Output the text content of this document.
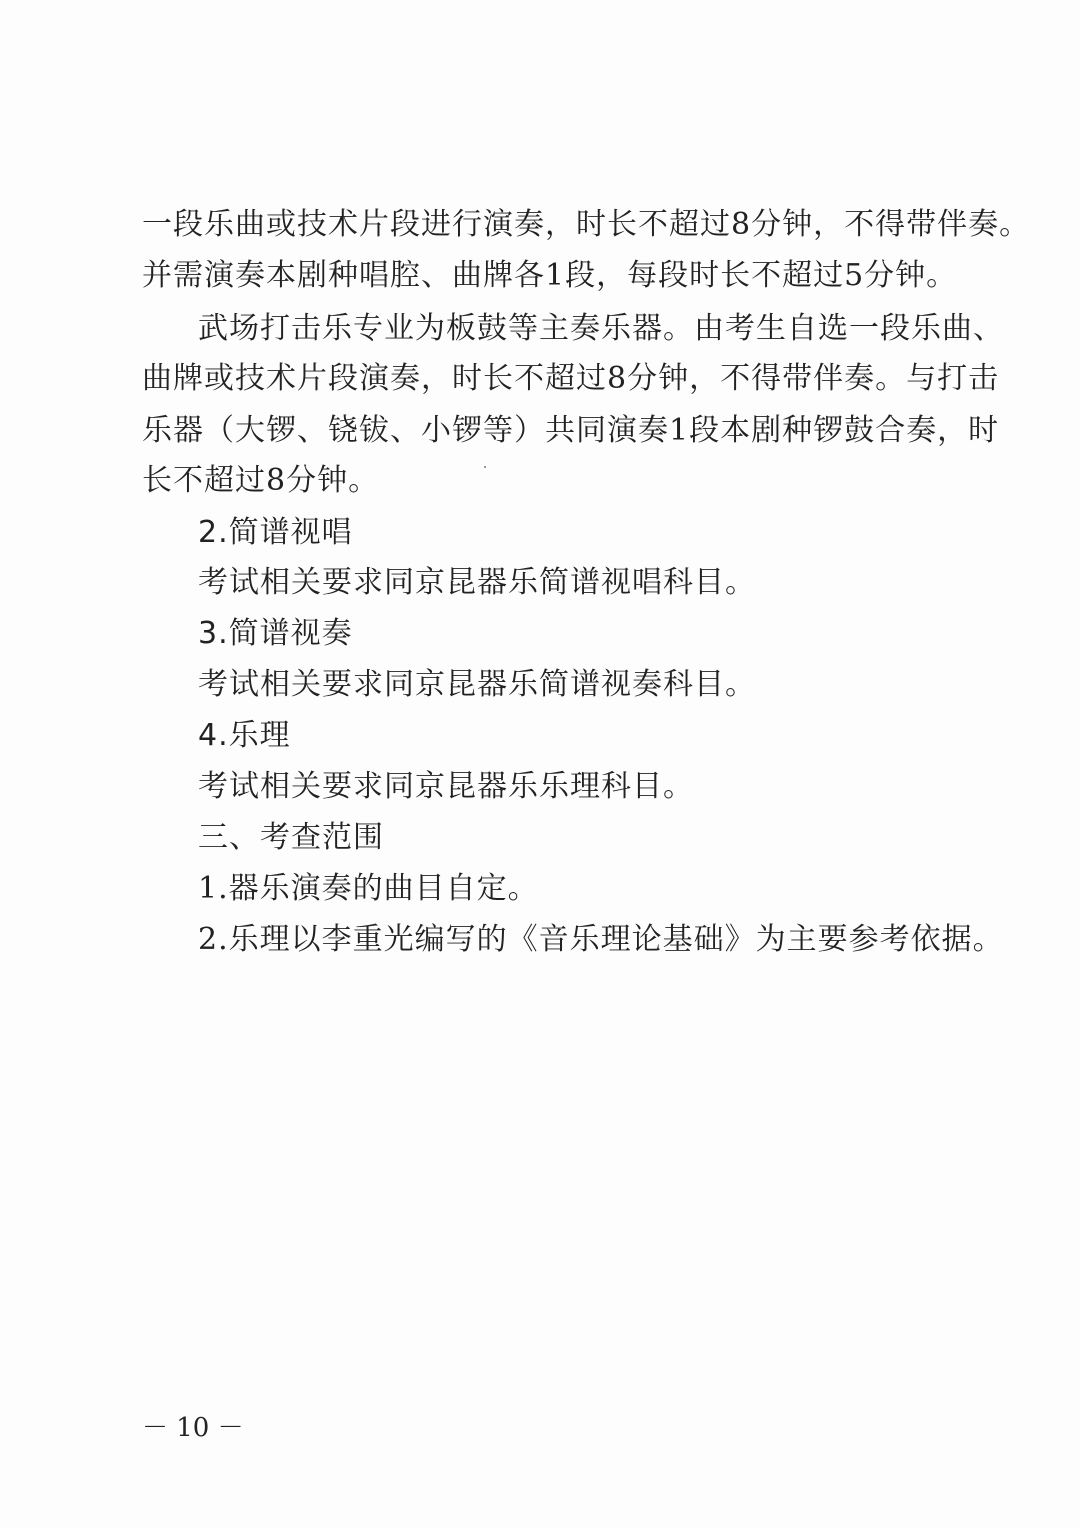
一段乐曲或技术片段进行演奏，时长不超过8分钟，不得带伴奏。
并需演奏本剧种唱腔、曲牌各1段，每段时长不超过5分钟。
武场打击乐专业为板鼓等主奏乐器。由考生自选一段乐曲、
曲牌或技术片段演奏，时长不超过8分钟，不得带伴奏。与打击
乐器（大锣、铙钹、小锣等）共同演奏1段本剧种锣鼓合奏，时
长不超过8分钟。
2.简谱视唱
考试相关要求同京昆器乐简谱视唱科目。
3.简谱视奏
考试相关要求同京昆器乐简谱视奏科目。
4.乐理
考试相关要求同京昆器乐乐理科目。
三、考查范围
1.器乐演奏的曲目自定。
2.乐理以李重光编写的《音乐理论基础》为主要参考依据。
－ 10 －
